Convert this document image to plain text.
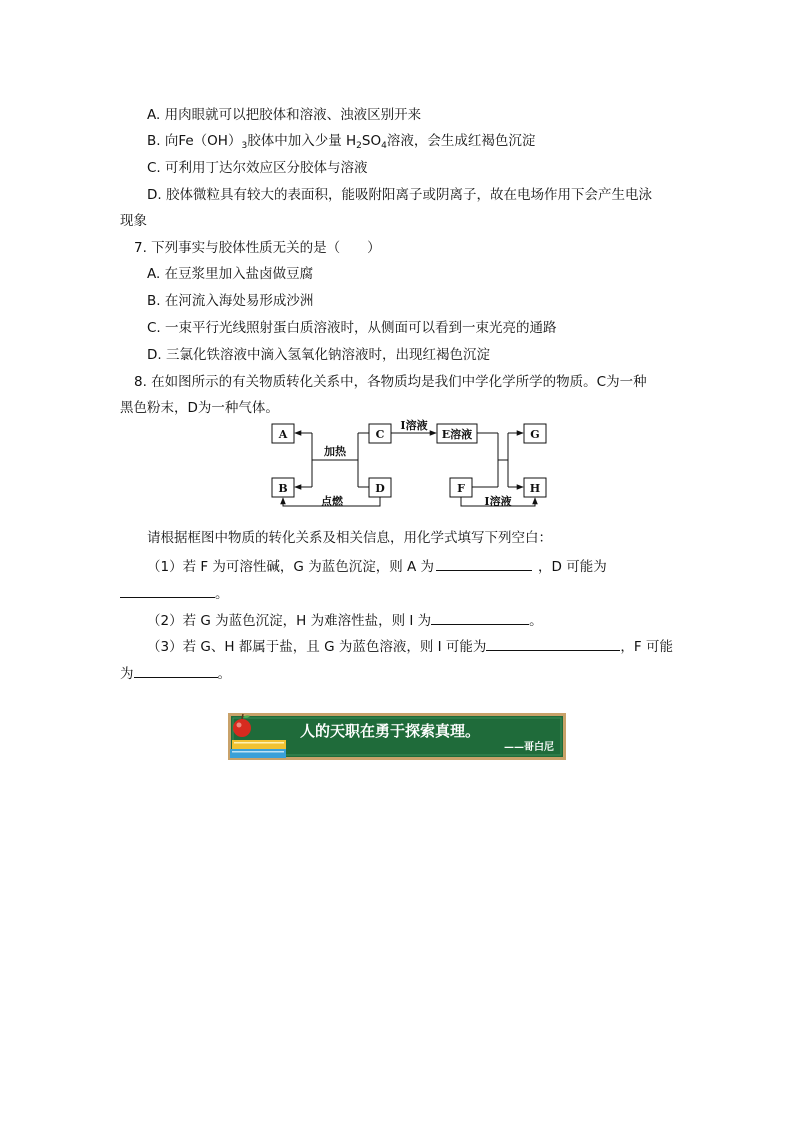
A. 用肉眼就可以把胶体和溶液、浊液区别开来
B. 向$Fe(OH)_3$胶体中加入少量 $H_2SO_4$溶液，会生成红褐色沉淀
C. 可利用丁达尔效应区分胶体与溶液
D. 胶体微粒具有较大的表面积，能吸附阳离子或阴离子，故在电场作用下会产生电泳
现象
7. 下列事实与胶体性质无关的是（　　）
A. 在豆浆里加入盐卤做豆腐
B. 在河流入海处易形成沙洲
C. 一束平行光线照射蛋白质溶液时，从侧面可以看到一束光亮的通路
D. 三氯化铁溶液中滴入氢氧化钠溶液时，出现红褐色沉淀
8. 在如图所示的有关物质转化关系中，各物质均是我们中学化学所学的物质。C为一种
黑色粉末，D为一种气体。
A
B
C
D
E溶液
F
G
H
加热
点燃
I溶液
I溶液
请根据框图中物质的转化关系及相关信息，用化学式填写下列空白：
（1）若 F 为可溶性碱，G 为蓝色沉淀，则 A 为	，D 可能为
。
（2）若 G 为蓝色沉淀，H 为难溶性盐，则 I 为	。
（3）若 G、H 都属于盐，且 G 为蓝色溶液，则 I 可能为	，F 可能
为	。
人的天职在勇于探索真理。
——哥白尼
